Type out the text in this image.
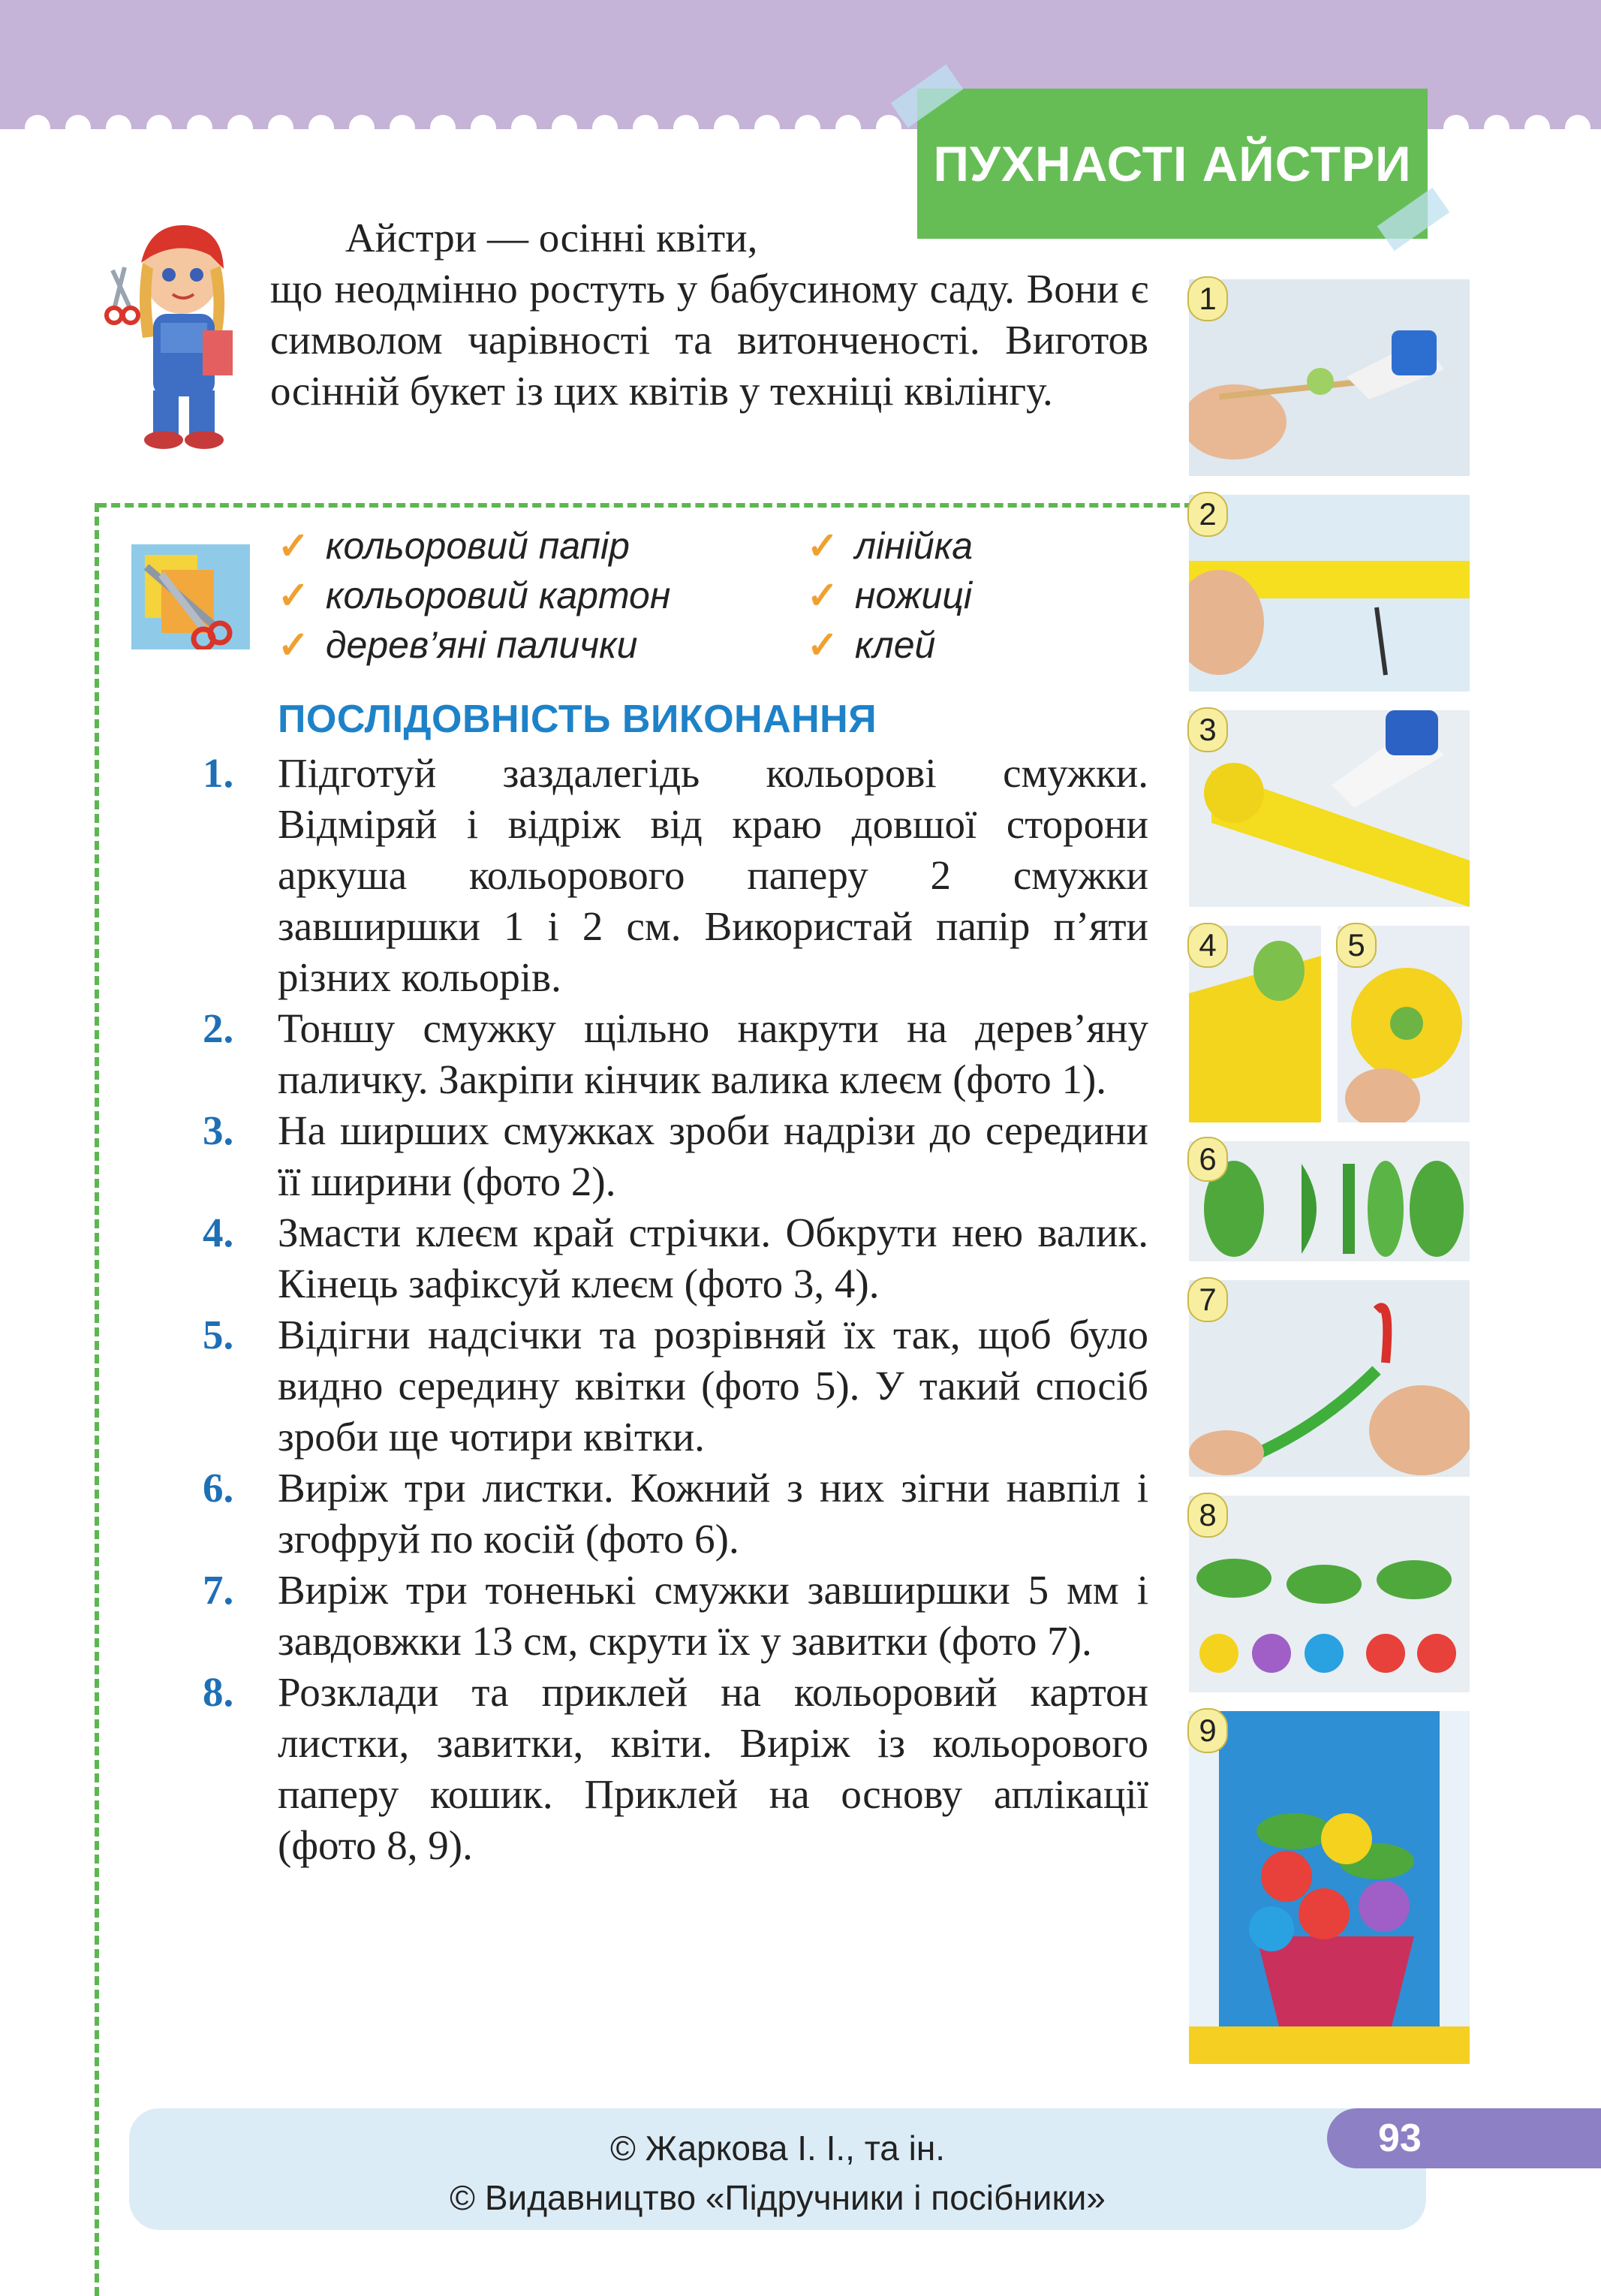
ПУХНАСТІ АЙСТРИ
Айстри — осінні квіти,
що неодмінно ростуть у бабусиному саду. Вони є символом чарівності та витонченості. Виготов осінній букет із цих квітів у техніці квілінгу.
✓ кольоровий папір
✓ кольоровий картон
✓ дерев’яні палички
✓ лінійка
✓ ножиці
✓ клей
ПОСЛІДОВНІСТЬ ВИКОНАННЯ
1.	Підготуй заздалегідь кольорові смужки. Відміряй і відріж від краю довшої сторони аркуша кольорового паперу 2 смужки завширшки 1 і 2 см. Використай папір п’яти різних кольорів.
2.	Тоншу смужку щільно накрути на дерев’яну паличку. Закріпи кінчик валика клеєм (фото 1).
3.	На ширших смужках зроби надрізи до середини її ширини (фото 2).
4.	Змасти клеєм край стрічки. Обкрути нею валик. Кінець зафіксуй клеєм (фото 3, 4).
5.	Відігни надсічки та розрівняй їх так, щоб було видно середину квітки (фото 5). У такий спосіб зроби ще чотири квітки.
6.	Виріж три листки. Кожний з них зігни навпіл і згофруй по косій (фото 6).
7.	Виріж три тоненькі смужки завширшки 5 мм і завдовжки 13 см, скрути їх у завитки (фото 7).
8.	Розклади та приклей на кольоровий картон листки, завитки, квіти. Виріж із кольорового паперу кошик. Приклей на основу аплікації (фото 8, 9).
1
2
3
4	5
6
7
8
9
© Жаркова І. І., та ін.
© Видавництво «Підручники і посібники»
93
